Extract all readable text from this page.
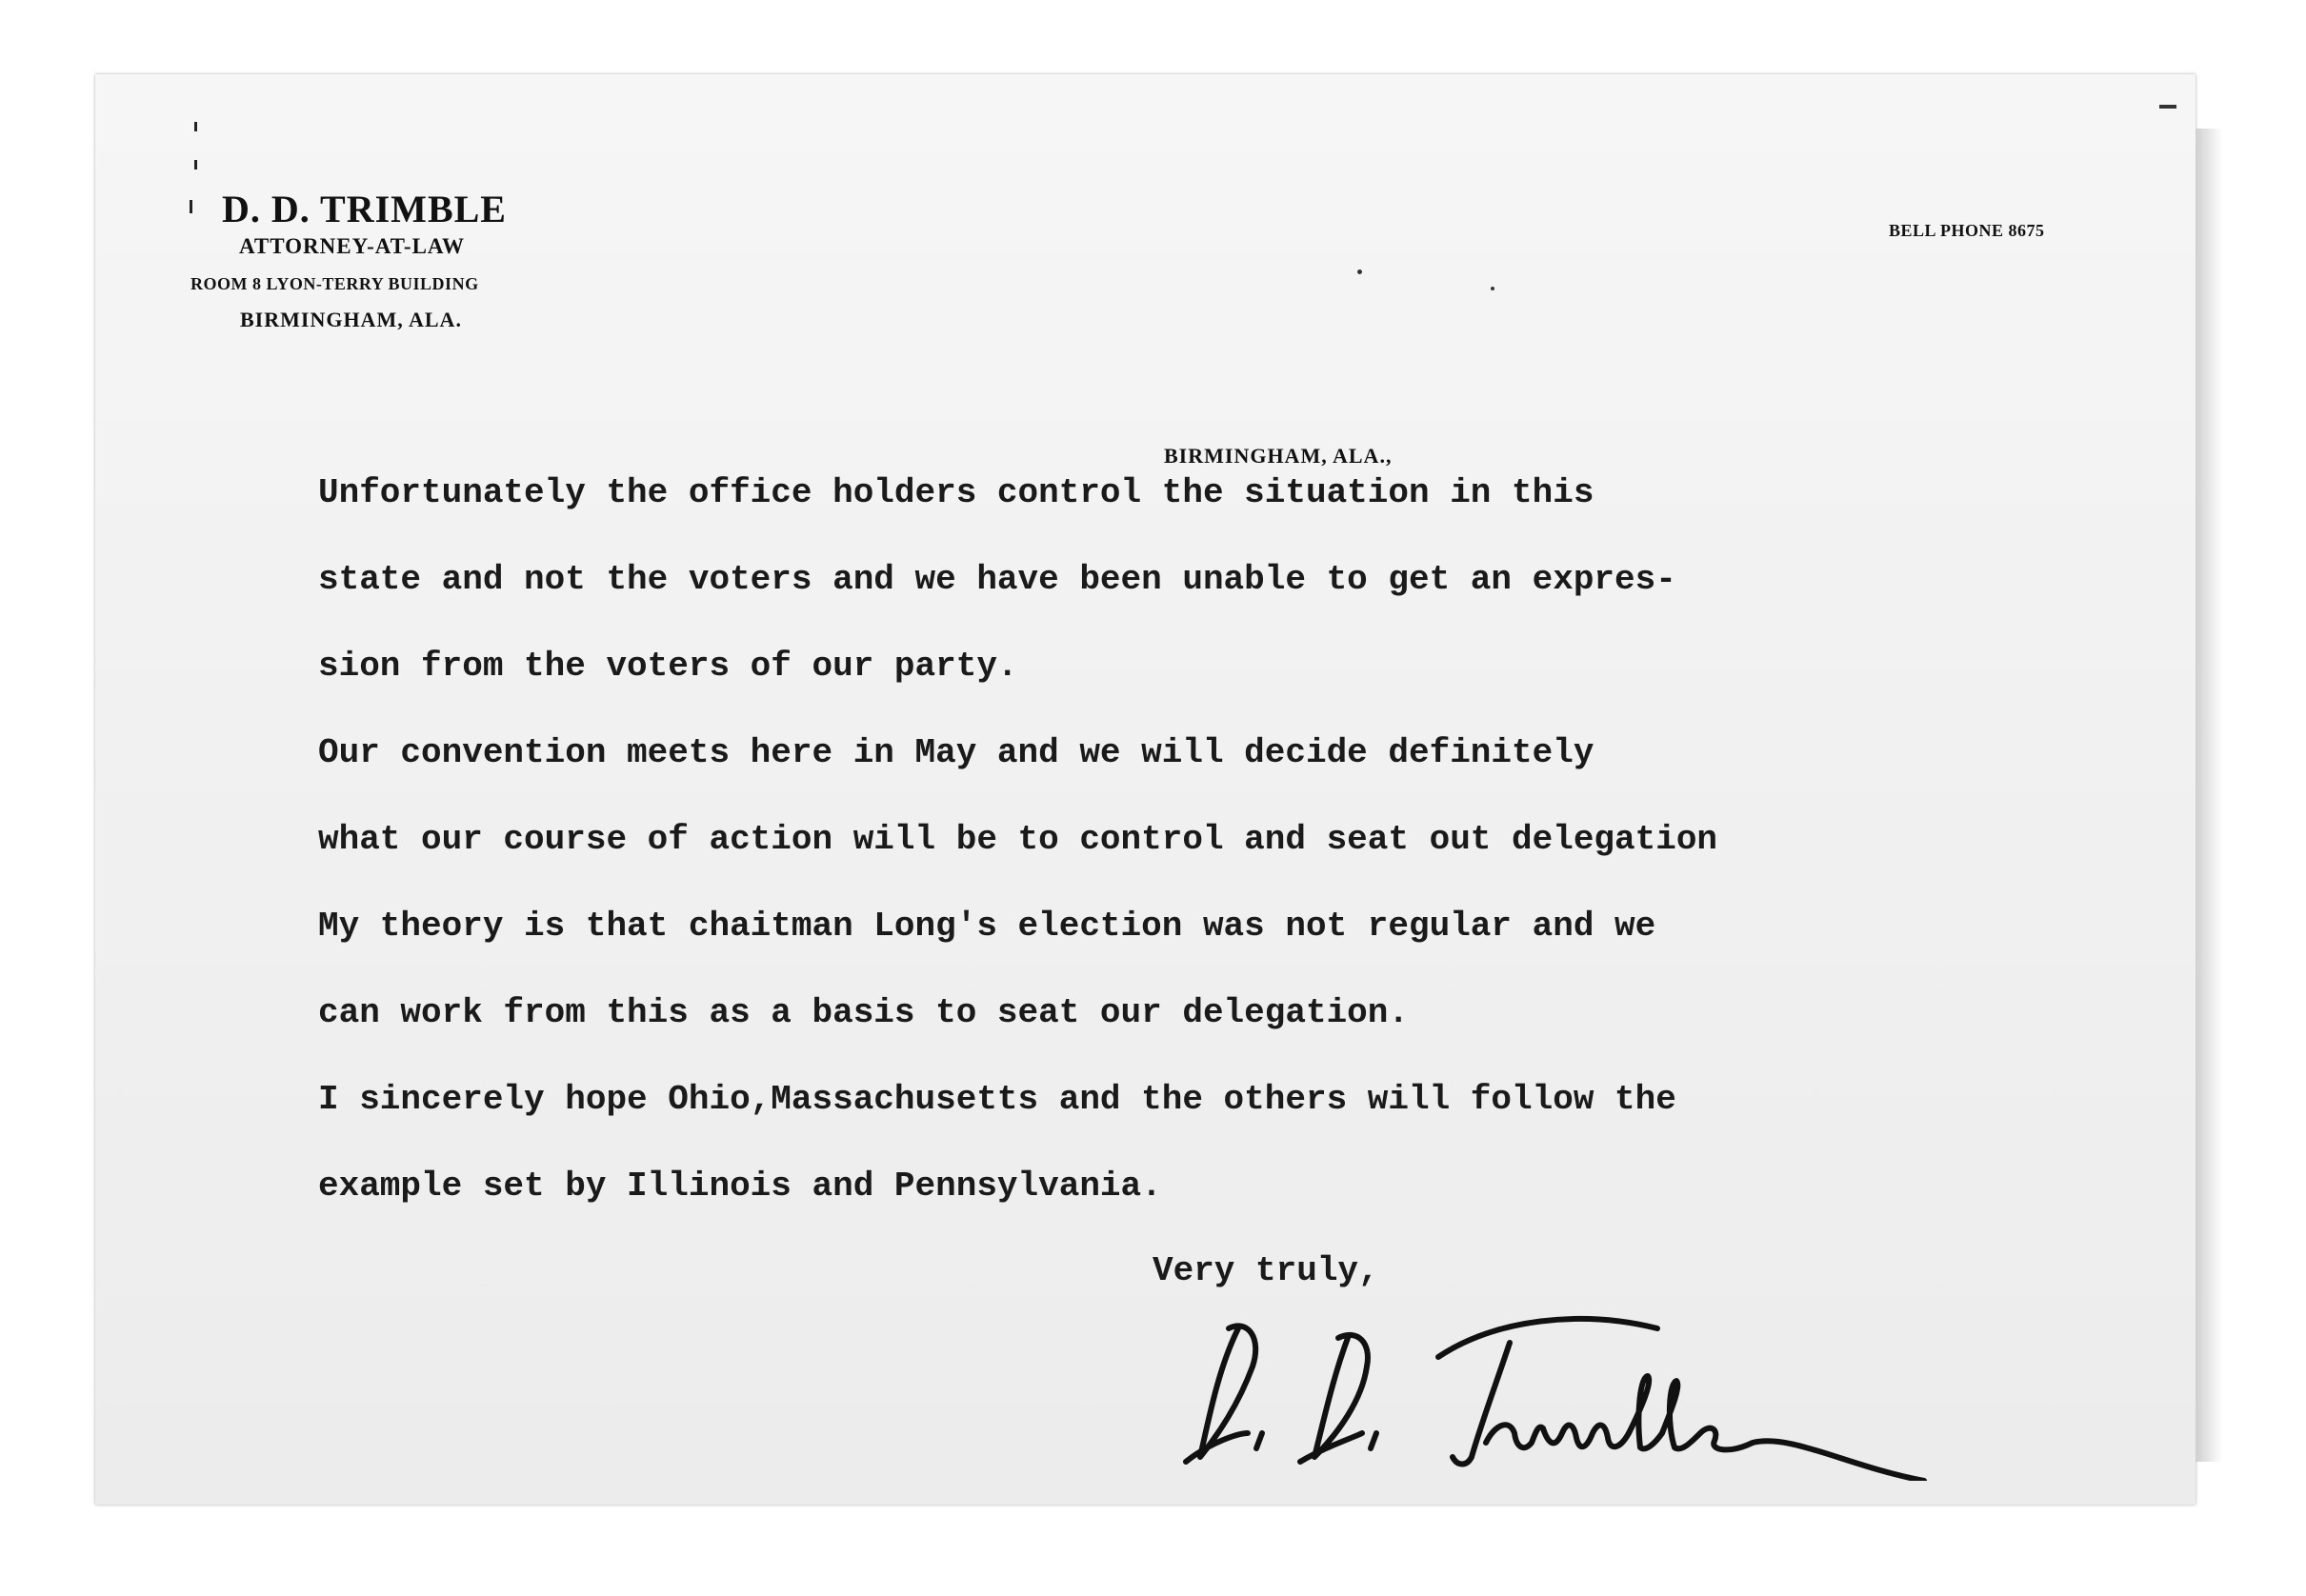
D. D. TRIMBLE
ATTORNEY-AT-LAW
ROOM 8 LYON-TERRY BUILDING
BIRMINGHAM, ALA.
BELL PHONE 8675
BIRMINGHAM, ALA.,
Unfortunately the office holders control the situation in this
state and not the voters and we have been unable to get an expres-
sion from the voters of our party.
Our convention meets here in May and we will decide definitely
what our course of action will be to control and seat out delegation
My theory is that chaitman Long's election was not regular and we
can work from this as a basis to seat our delegation.
I sincerely hope Ohio,Massachusetts and the others will follow the
example set by Illinois and Pennsylvania.
Very truly,
